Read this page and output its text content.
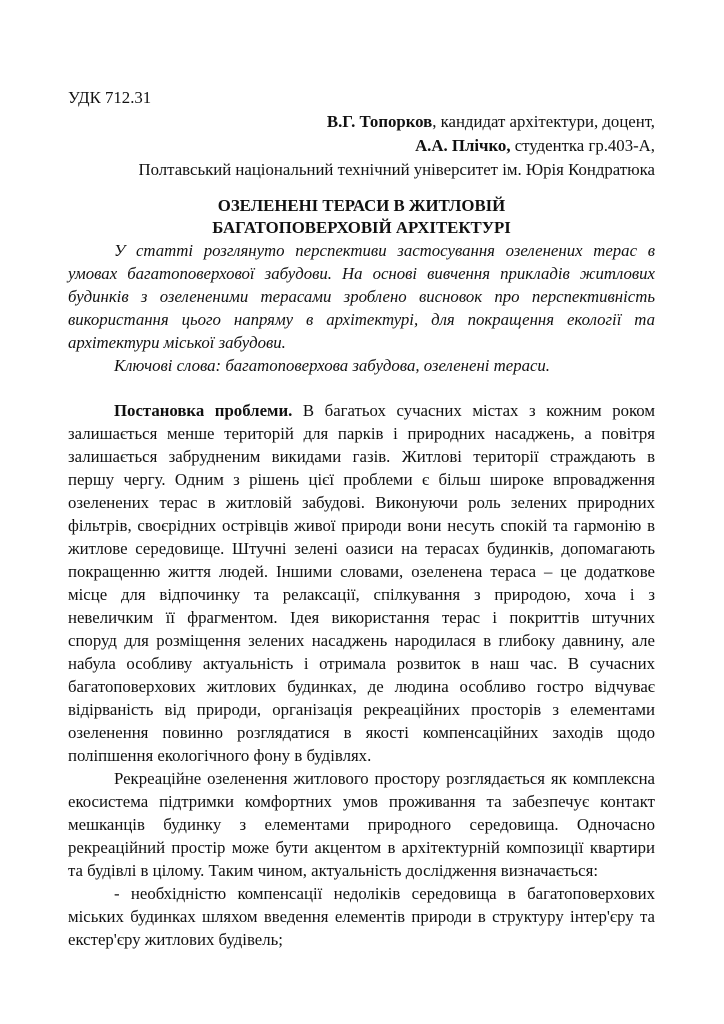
УДК 712.31

В.Г. Топорков, кандидат архітектури, доцент,

А.А. Плічко, студентка гр.403-А,

Полтавський національний технічний університет ім. Юрія Кондратюка

ОЗЕЛЕНЕНІ ТЕРАСИ В ЖИТЛОВІЙ

БАГАТОПОВЕРХОВІЙ АРХІТЕКТУРІ

У статті розглянуто перспективи застосування озеленених терас в

умовах багатоповерхової забудови. На основі вивчення прикладів житлових

будинків з озелененими терасами зроблено висновок про перспективність

використання цього напряму в архітектурі, для покращення екології та

архітектури міської забудови.

Ключові слова: багатоповерхова забудова, озеленені тераси.

Постановка проблеми. В багатьох сучасних містах з кожним роком

залишається менше територій для парків і природних насаджень, а повітря

залишається забрудненим викидами газів. Житлові території страждають в

першу чергу. Одним з рішень цієї проблеми є більш широке впровадження

озеленених терас в житловій забудові. Виконуючи роль зелених природних

фільтрів, своєрідних острівців живої природи вони несуть спокій та гармонію в

житлове середовище. Штучні зелені оазиси на терасах будинків, допомагають

покращенню життя людей. Іншими словами, озеленена тераса – це додаткове

місце для відпочинку та релаксації, спілкування з природою, хоча і з

невеличким її фрагментом. Ідея використання терас і покриттів штучних

споруд для розміщення зелених насаджень народилася в глибоку давнину, але

набула особливу актуальність і отримала розвиток в наш час. В сучасних

багатоповерхових житлових будинках, де людина особливо гостро відчуває

відірваність від природи, організація рекреаційних просторів з елементами

озеленення повинно розглядатися в якості компенсаційних заходів щодо

поліпшення екологічного фону в будівлях.

Рекреаційне озеленення житлового простору розглядається як комплексна

екосистема підтримки комфортних умов проживання та забезпечує контакт

мешканців будинку з елементами природного середовища. Одночасно

рекреаційний простір може бути акцентом в архітектурній композиції квартири

та будівлі в цілому. Таким чином, актуальність дослідження визначається:

- необхідністю компенсації недоліків середовища в багатоповерхових

міських будинках шляхом введення елементів природи в структуру інтер'єру та

екстер'єру житлових будівель;
